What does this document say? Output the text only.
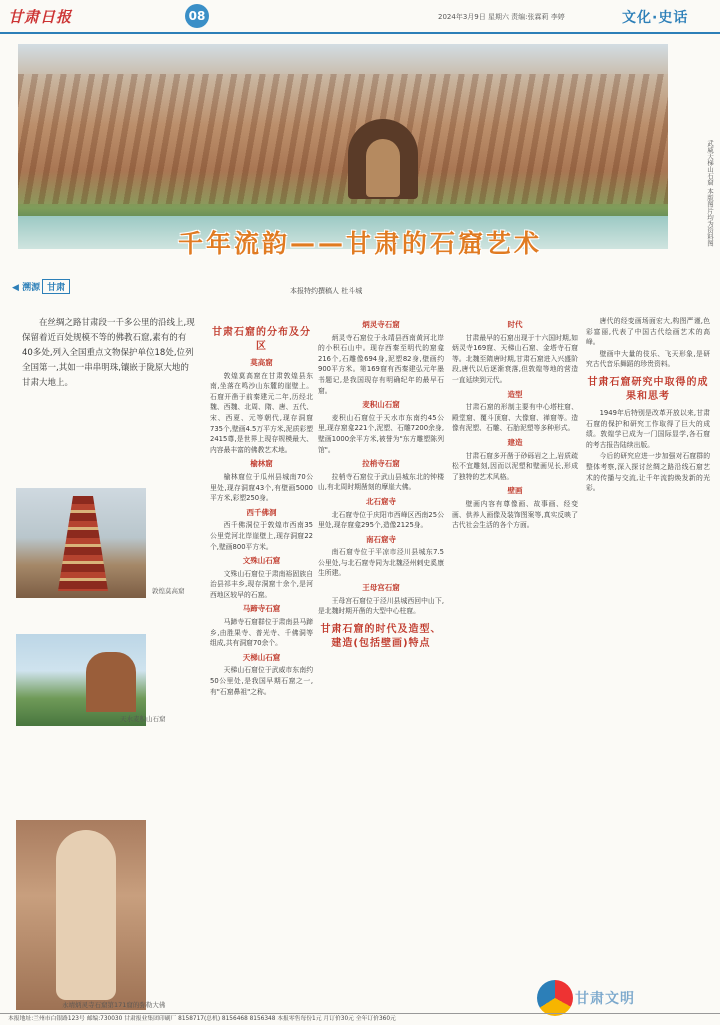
甘肃日报	08	2024年3月9日 星期六 责编:张霖莉 李婷	文化·史话
武威天梯山石窟 本版图片均为资料图
千年流韵——甘肃的石窟艺术
◀ 溯源 甘肃	本报特约撰稿人 杜斗城
在丝绸之路甘肃段一千多公里的沿线上,现保留着近百处规模不等的佛教石窟,素有的有40多处,列入全国重点文物保护单位18处,位列全国第一,其如一串串明珠,镶嵌于陇原大地的甘肃大地上。
敦煌莫高窟
天水麦积山石窟
永靖炳灵寺石窟第171窟的弥勒大佛
甘肃石窟的分布及分区
莫高窟

敦煌莫高窟在甘肃敦煌县东南,坐落在鸣沙山东麓的崖壁上。石窟开凿于前秦建元二年,历经北魏、西魏、北周、隋、唐、五代、宋、西夏、元等朝代,现存洞窟735个,壁画4.5万平方米,泥质彩塑2415尊,是世界上现存规模最大、内容最丰富的佛教艺术地。

榆林窟

榆林窟位于瓜州县城南70公里处,现存洞窟43个,有壁画5000平方米,彩塑250身。

西千佛洞

西千佛洞位于敦煌市西南35公里党河北岸崖壁上,现存洞窟22个,壁画800平方米。

文殊山石窟

文殊山石窟位于肃南裕固族自治县祁丰乡,现存洞窟十余个,是河西地区较早的石窟。

马蹄寺石窟

马蹄寺石窟群位于肃南县马蹄乡,由胜果寺、普光寺、千佛洞等组成,共有洞窟70余个。

天梯山石窟

天梯山石窟位于武威市东南约50公里处,是我国早期石窟之一,有"石窟鼻祖"之称。

炳灵寺石窟

炳灵寺石窟位于永靖县西南黄河北岸的小积石山中。现存西秦至明代的窟龛216个,石雕像694身,泥塑82身,壁画约900平方米。第169窟有西秦建弘元年墨书题记,是我国现存有明确纪年的最早石窟。

麦积山石窟

麦积山石窟位于天水市东南约45公里,现存窟龛221个,泥塑、石雕7200余身,壁画1000余平方米,被誉为"东方雕塑陈列馆"。

拉梢寺石窟

拉梢寺石窟位于武山县城东北的钟楼山,有北周时期凿刻的摩崖大佛。

北石窟寺

北石窟寺位于庆阳市西峰区西南25公里处,现存窟龛295个,造像2125身。

南石窟寺

南石窟寺位于平凉市泾川县城东7.5公里处,与北石窟寺同为北魏泾州刺史奚康生所建。

王母宫石窟

王母宫石窟位于泾川县城西回中山下,是北魏时期开凿的大型中心柱窟。

甘肃石窟的时代及造型、建造(包括壁画)特点
时代

甘肃最早的石窟出现于十六国时期,如炳灵寺169窟、天梯山石窟、金塔寺石窟等。北魏至隋唐时期,甘肃石窟进入兴盛阶段,唐代以后逐渐衰落,但敦煌等地的营造一直延续到元代。

造型

甘肃石窟的形制主要有中心塔柱窟、殿堂窟、覆斗顶窟、大像窟、禅窟等。造像有泥塑、石雕、石胎泥塑等多种形式。

建造

甘肃石窟多开凿于砂砾岩之上,岩质疏松不宜雕刻,因而以泥塑和壁画见长,形成了独特的艺术风格。

壁画

壁画内容有尊像画、故事画、经变画、供养人画像及装饰图案等,真实反映了古代社会生活的各个方面。

唐代的经变画场面宏大,构图严谨,色彩富丽,代表了中国古代绘画艺术的高峰。

壁画中大量的伎乐、飞天形象,是研究古代音乐舞蹈的珍贵资料。

甘肃石窟研究中取得的成果和思考

1949年后特别是改革开放以来,甘肃石窟的保护和研究工作取得了巨大的成绩。敦煌学已成为一门国际显学,各石窟的考古报告陆续出版。

今后的研究应进一步加强对石窟群的整体考察,深入探讨丝绸之路沿线石窟艺术的传播与交流,让千年流韵焕发新的光彩。

甘肃文明
本报地址:兰州市白银路123号 邮编:730030 甘肃报业集团印刷厂 8158717(总机) 8156468 8156348 本报零售每份1元 月订价30元 全年订价360元
